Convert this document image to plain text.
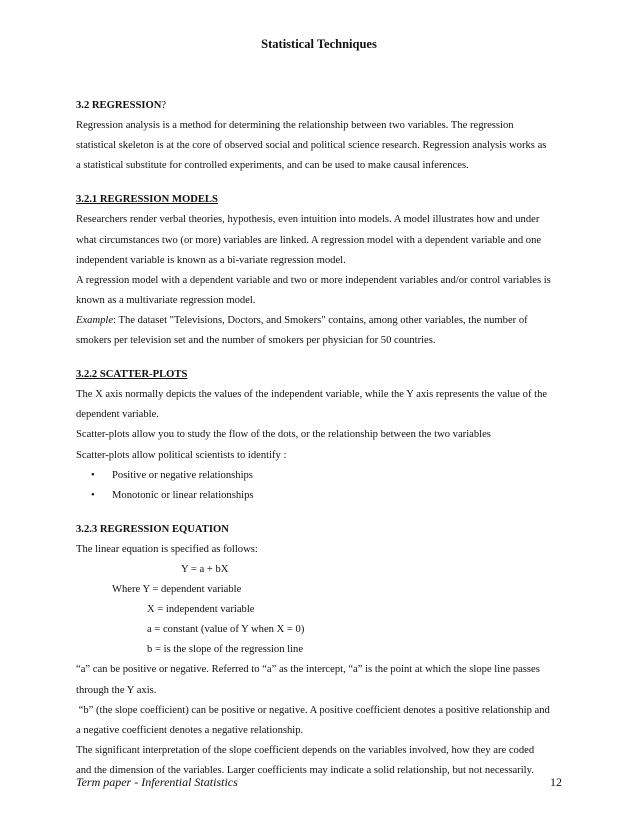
Statistical Techniques

3.2 REGRESSION?

Regression analysis is a method for determining the relationship between two variables. The regression

statistical skeleton is at the core of observed social and political science research. Regression analysis works as

a statistical substitute for controlled experiments, and can be used to make causal inferences.

3.2.1 REGRESSION MODELS

Researchers render verbal theories, hypothesis, even intuition into models. A model illustrates how and under

what circumstances two (or more) variables are linked. A regression model with a dependent variable and one

independent variable is known as a bi-variate regression model.

A regression model with a dependent variable and two or more independent variables and/or control variables is

known as a multivariate regression model.

Example: The dataset "Televisions, Doctors, and Smokers" contains, among other variables, the number of

smokers per television set and the number of smokers per physician for 50 countries.

3.2.2 SCATTER-PLOTS

The X axis normally depicts the values of the independent variable, while the Y axis represents the value of the

dependent variable.

Scatter-plots allow you to study the flow of the dots, or the relationship between the two variables

Scatter-plots allow political scientists to identify :

• Positive or negative relationships
• Monotonic or linear relationships

3.2.3 REGRESSION EQUATION

The linear equation is specified as follows:

Y = a + bX

Where Y = dependent variable

X = independent variable

a = constant (value of Y when X = 0)

b = is the slope of the regression line

“a” can be positive or negative. Referred to “a” as the intercept, “a” is the point at which the slope line passes

through the Y axis.

“b” (the slope coefficient) can be positive or negative. A positive coefficient denotes a positive relationship and

a negative coefficient denotes a negative relationship.

The significant interpretation of the slope coefficient depends on the variables involved, how they are coded

and the dimension of the variables. Larger coefficients may indicate a solid relationship, but not necessarily.

Term paper - Inferential Statistics	12
